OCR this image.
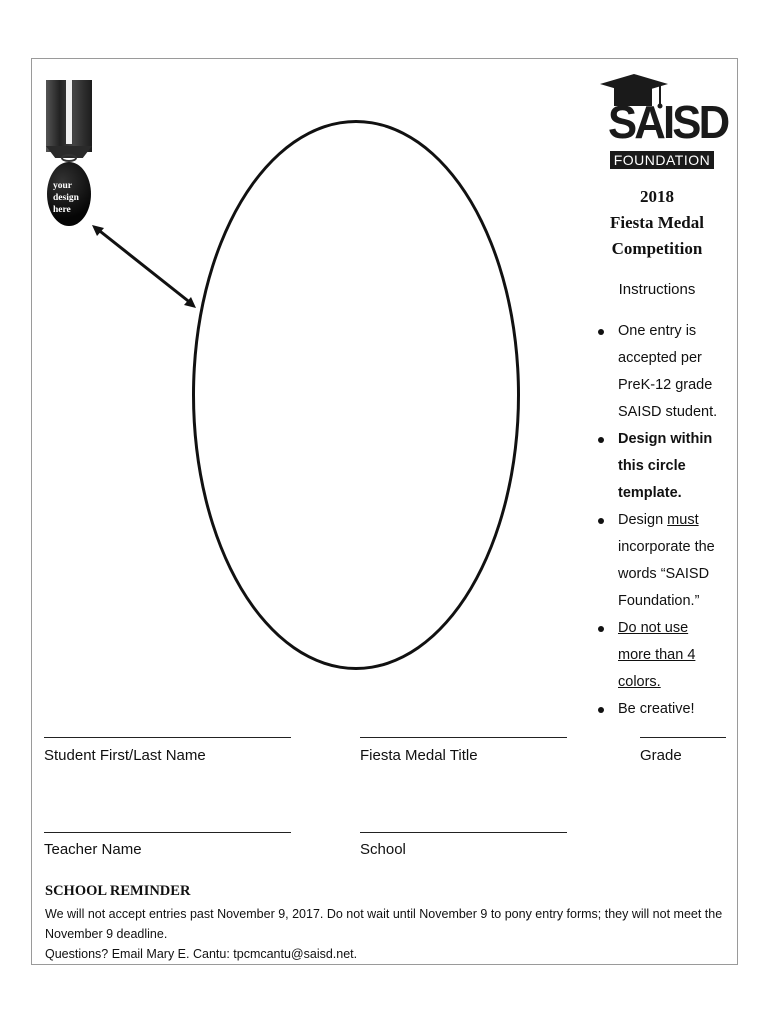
your design here
SAISD
FOUNDATION
2018
Fiesta Medal
Competition
Instructions
One entry is accepted per PreK-12 grade SAISD student.
Design within this circle template.
Design must incorporate the words “SAISD Foundation.”
Do not use more than 4 colors.
Be creative!
Student First/Last Name	Fiesta Medal Title	Grade
Teacher Name	School
SCHOOL REMINDER
We will not accept entries past November 9, 2017. Do not wait until November 9 to pony entry forms; they will not meet the November 9 deadline.
Questions? Email Mary E. Cantu: tpcmcantu@saisd.net.
